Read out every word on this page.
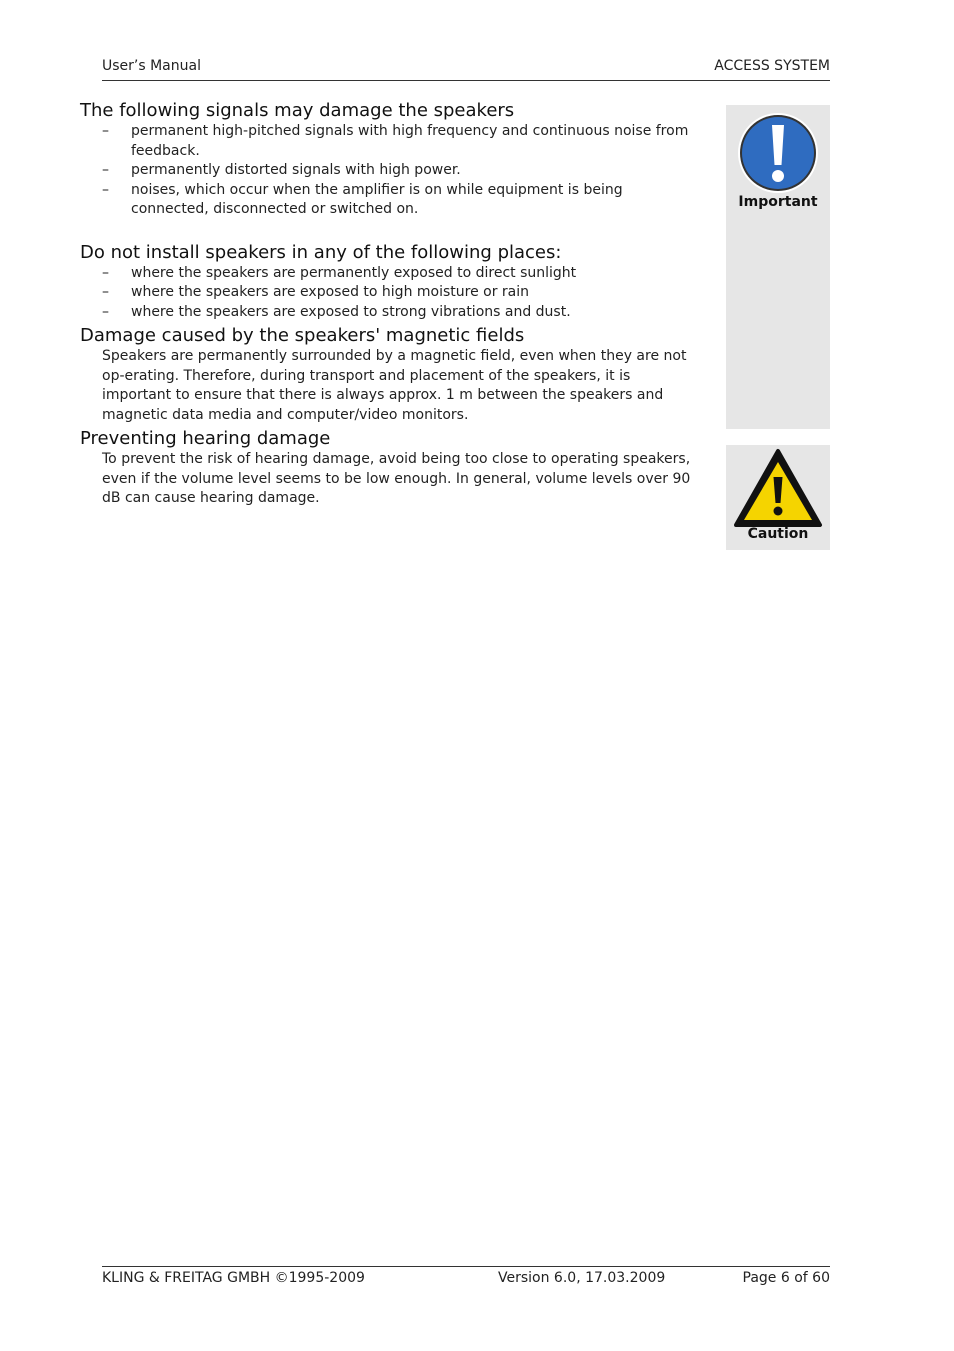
User’s Manual	ACCESS SYSTEM
The following signals may damage the speakers
– permanent high-pitched signals with high frequency and continuous noise from feedback.
– permanently distorted signals with high power.
– noises, which occur when the amplifier is on while equipment is being connected, disconnected or switched on.
Do not install speakers in any of the following places:
– where the speakers are permanently exposed to direct sunlight
– where the speakers are exposed to high moisture or rain
– where the speakers are exposed to strong vibrations and dust.
Damage caused by the speakers' magnetic fields

Speakers are permanently surrounded by a magnetic field, even when they are not op-erating. Therefore, during transport and placement of the speakers, it is important to ensure that there is always approx. 1 m between the speakers and magnetic data media and computer/video monitors.

Preventing hearing damage

To prevent the risk of hearing damage, avoid being too close to operating speakers, even if the volume level seems to be low enough. In general, volume levels over 90 dB can cause hearing damage.

Important
Caution
KLING & FREITAG GMBH ©1995-2009	Version 6.0, 17.03.2009	Page 6 of 60
